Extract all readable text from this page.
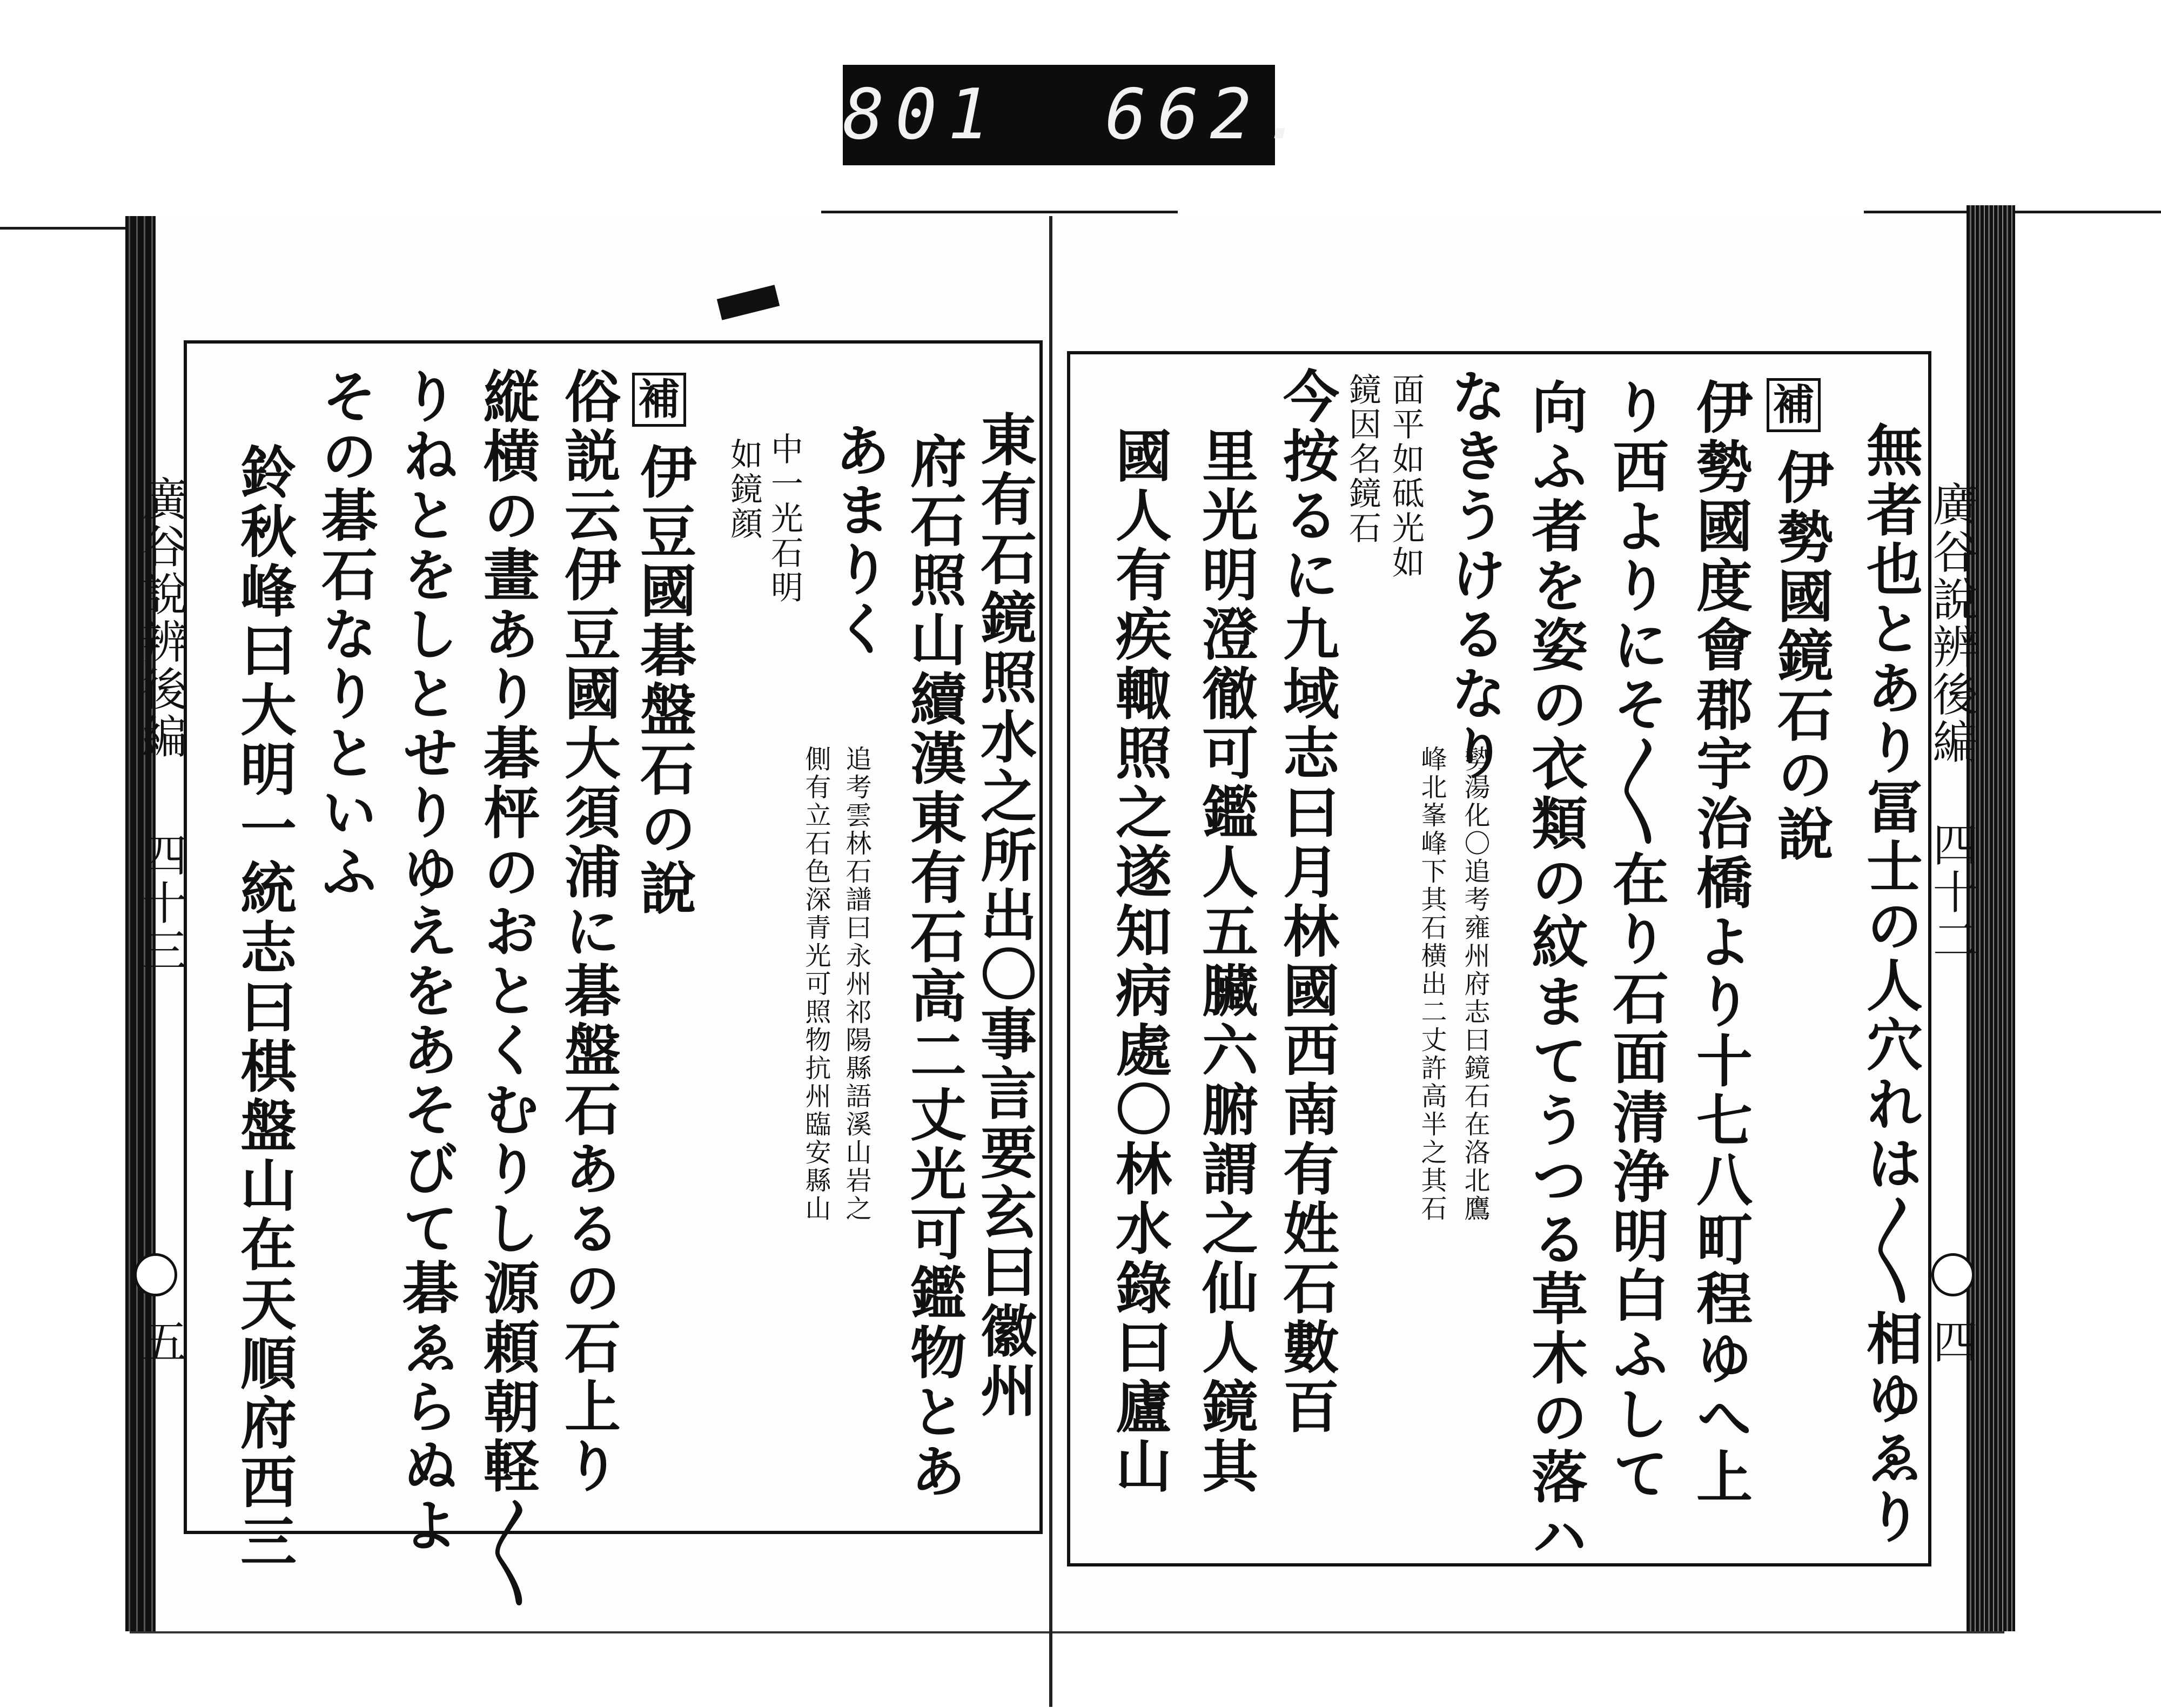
801  662.
廣谷說辨後編
四十三
五	東有石鏡照水之所出〇事言要玄曰徽州
府石照山續漢東有石高二丈光可鑑物とあ
あまりく
中一光石明
如鏡顔
追考雲林石譜曰永州祁陽縣語溪山岩之
側有立石色深青光可照物抗州臨安縣山
補
伊豆國碁盤石の說
俗説云伊豆國大須浦に碁盤石あるの石上り
縦横の畫あり碁枰のおとくむりし源頼朝軽〳〵
りねとをしとせりゆえをあそびて碁ゑらぬよ
その碁石なりといふ
鈴秋峰曰大明一統志曰棋盤山在天順府西三	廣谷說辨後編
四十二
四
無者也とあり冨士の人穴れは〳〵相ゆゑり
補
伊勢國鏡石の說
伊勢國度會郡宇治橋より十七八町程ゆへ上
り西よりにそ〳〵在り石面清浄明白ふして
向ふ者を姿の衣類の紋まてうつる草木の落ハ
なきうけるなり
面平如砥光如
鏡因名鏡石
勢湯化〇追考雍州府志曰鏡石在洛北鷹
峰北峯峰下其石横出二丈許高半之其石
今按るに九域志曰月林國西南有姓石數百
里光明澄徹可鑑人五臟六腑謂之仙人鏡其
國人有疾輙照之遂知病處〇林水錄曰廬山
